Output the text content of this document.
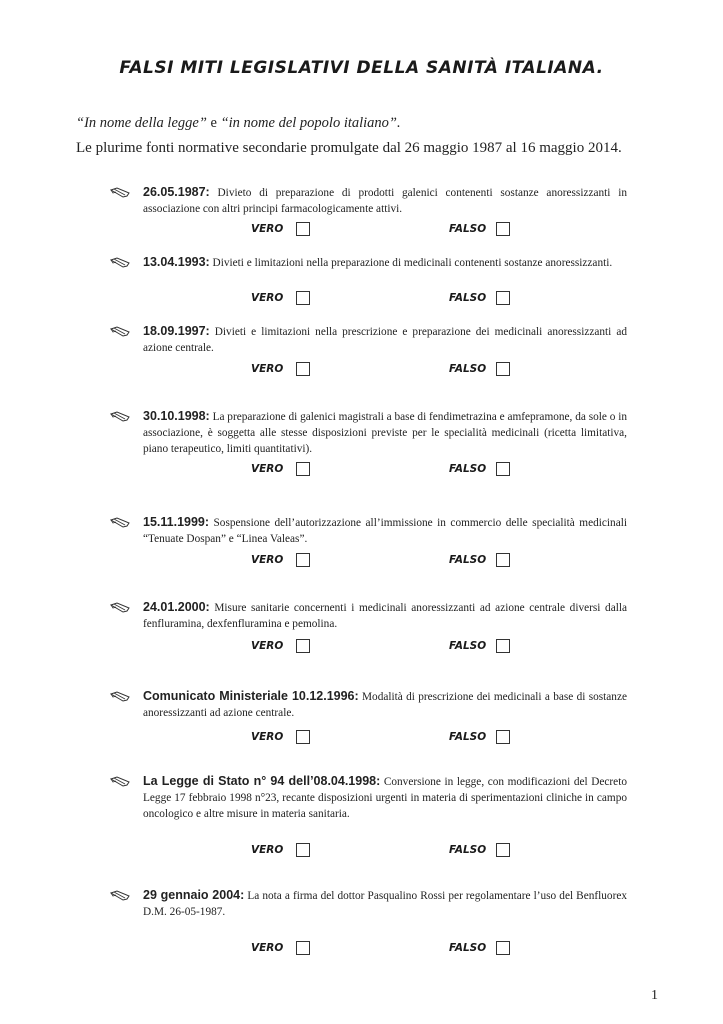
FALSI MITI LEGISLATIVI DELLA SANITÀ ITALIANA.
“In nome della legge” e “in nome del popolo italiano”.
Le plurime fonti normative secondarie promulgate dal 26 maggio 1987 al 16 maggio 2014.
26.05.1987: Divieto di preparazione di prodotti galenici contenenti sostanze anoressizzanti in associazione con altri principi farmacologicamente attivi.
VERO	FALSO
13.04.1993: Divieti e limitazioni nella preparazione di medicinali contenenti sostanze anoressizzanti.
VERO	FALSO
18.09.1997: Divieti e limitazioni nella prescrizione e preparazione dei medicinali anoressizzanti ad azione centrale.
VERO	FALSO
30.10.1998: La preparazione di galenici magistrali a base di fendimetrazina e amfepramone, da sole o in associazione, è soggetta alle stesse disposizioni previste per le specialità medicinali (ricetta limitativa, piano terapeutico, limiti quantitativi).
VERO	FALSO
15.11.1999: Sospensione dell’autorizzazione all’immissione in commercio delle specialità medicinali “Tenuate Dospan” e “Linea Valeas”.
VERO	FALSO
24.01.2000: Misure sanitarie concernenti i medicinali anoressizzanti ad azione centrale diversi dalla fenfluramina, dexfenfluramina e pemolina.
VERO	FALSO
Comunicato Ministeriale 10.12.1996: Modalità di prescrizione dei medicinali a base di sostanze anoressizzanti ad azione centrale.
VERO	FALSO
La Legge di Stato n° 94 dell’08.04.1998: Conversione in legge, con modificazioni del Decreto Legge 17 febbraio 1998 n°23, recante disposizioni urgenti in materia di sperimentazioni cliniche in campo oncologico e altre misure in materia sanitaria.
VERO	FALSO
29 gennaio 2004: La nota a firma del dottor Pasqualino Rossi per regolamentare l’uso del Benfluorex D.M. 26-05-1987.
VERO	FALSO
1
